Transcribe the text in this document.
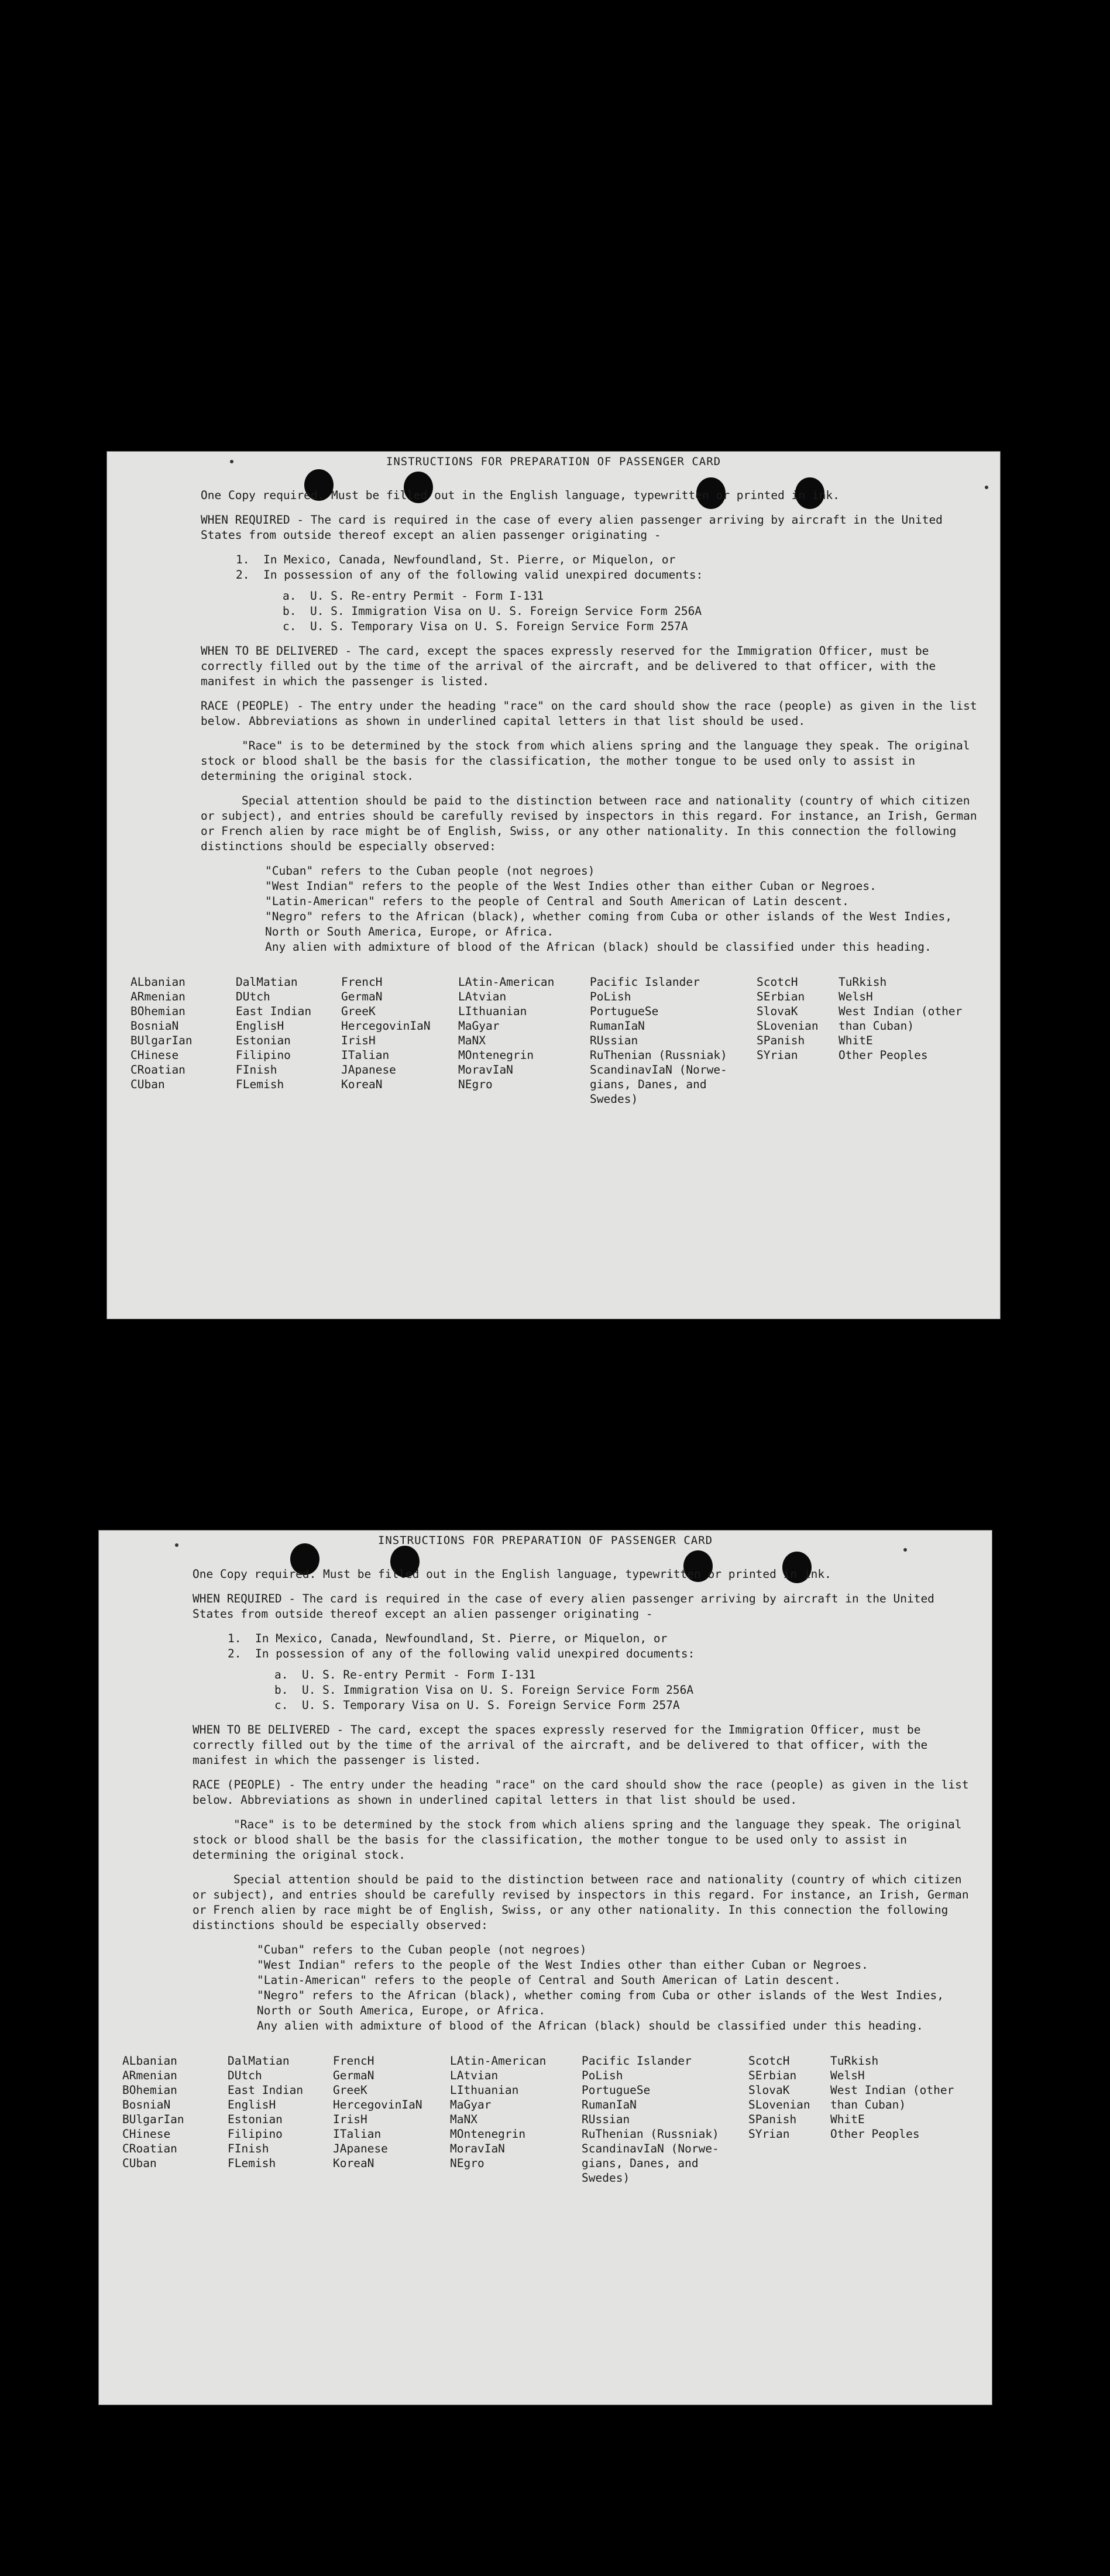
INSTRUCTIONS FOR PREPARATION OF PASSENGER CARD

One Copy required. Must be filled out in the English language, typewritten or printed in ink.

WHEN REQUIRED - The card is required in the case of every alien passenger arriving by aircraft in the United States from outside thereof except an alien passenger originating -

1.  In Mexico, Canada, Newfoundland, St. Pierre, or Miquelon, or
2.  In possession of any of the following valid unexpired documents:
a.  U. S. Re-entry Permit - Form I-131
b.  U. S. Immigration Visa on U. S. Foreign Service Form 256A
c.  U. S. Temporary Visa on U. S. Foreign Service Form 257A

WHEN TO BE DELIVERED - The card, except the spaces expressly reserved for the Immigration Officer, must be correctly filled out by the time of the arrival of the aircraft, and be delivered to that officer, with the manifest in which the passenger is listed.

RACE (PEOPLE) - The entry under the heading "race" on the card should show the race (people) as given in the list below. Abbreviations as shown in underlined capital letters in that list should be used.

"Race" is to be determined by the stock from which aliens spring and the language they speak. The original stock or blood shall be the basis for the classification, the mother tongue to be used only to assist in determining the original stock.

Special attention should be paid to the distinction between race and nationality (country of which citizen or subject), and entries should be carefully revised by inspectors in this regard. For instance, an Irish, German or French alien by race might be of English, Swiss, or any other nationality. In this connection the following distinctions should be especially observed:

"Cuban" refers to the Cuban people (not negroes)
"West Indian" refers to the people of the West Indies other than either Cuban or Negroes.
"Latin-American" refers to the people of Central and South American of Latin descent.
"Negro" refers to the African (black), whether coming from Cuba or other islands of the West Indies, North or South America, Europe, or Africa.
Any alien with admixture of blood of the African (black) should be classified under this heading.
ALbanian
ARmenian
BOhemian
BosniaN
BUlgarIan
CHinese
CRoatian
CUban
DalMatian
DUtch
East Indian
EnglisH
Estonian
Filipino
FInish
FLemish
FrencH
GermaN
GreeK
HercegovinIaN
IrisH
ITalian
JApanese
KoreaN
LAtin-American
LAtvian
LIthuanian
MaGyar
MaNX
MOntenegrin
MoravIaN
NEgro
Pacific Islander
PoLish
PortugueSe
RumanIaN
RUssian
RuThenian (Russniak)
ScandinavIaN (Norwe-
gians, Danes, and
Swedes)
ScotcH
SErbian
SlovaK
SLovenian
SPanish
SYrian
TuRkish
WelsH
West Indian (other
than Cuban)
WhitE
Other Peoples
INSTRUCTIONS FOR PREPARATION OF PASSENGER CARD

One Copy required. Must be filled out in the English language, typewritten or printed in ink.

WHEN REQUIRED - The card is required in the case of every alien passenger arriving by aircraft in the United States from outside thereof except an alien passenger originating -

1.  In Mexico, Canada, Newfoundland, St. Pierre, or Miquelon, or
2.  In possession of any of the following valid unexpired documents:
a.  U. S. Re-entry Permit - Form I-131
b.  U. S. Immigration Visa on U. S. Foreign Service Form 256A
c.  U. S. Temporary Visa on U. S. Foreign Service Form 257A

WHEN TO BE DELIVERED - The card, except the spaces expressly reserved for the Immigration Officer, must be correctly filled out by the time of the arrival of the aircraft, and be delivered to that officer, with the manifest in which the passenger is listed.

RACE (PEOPLE) - The entry under the heading "race" on the card should show the race (people) as given in the list below. Abbreviations as shown in underlined capital letters in that list should be used.

"Race" is to be determined by the stock from which aliens spring and the language they speak. The original stock or blood shall be the basis for the classification, the mother tongue to be used only to assist in determining the original stock.

Special attention should be paid to the distinction between race and nationality (country of which citizen or subject), and entries should be carefully revised by inspectors in this regard. For instance, an Irish, German or French alien by race might be of English, Swiss, or any other nationality. In this connection the following distinctions should be especially observed:

"Cuban" refers to the Cuban people (not negroes)
"West Indian" refers to the people of the West Indies other than either Cuban or Negroes.
"Latin-American" refers to the people of Central and South American of Latin descent.
"Negro" refers to the African (black), whether coming from Cuba or other islands of the West Indies, North or South America, Europe, or Africa.
Any alien with admixture of blood of the African (black) should be classified under this heading.
ALbanian
ARmenian
BOhemian
BosniaN
BUlgarIan
CHinese
CRoatian
CUban
DalMatian
DUtch
East Indian
EnglisH
Estonian
Filipino
FInish
FLemish
FrencH
GermaN
GreeK
HercegovinIaN
IrisH
ITalian
JApanese
KoreaN
LAtin-American
LAtvian
LIthuanian
MaGyar
MaNX
MOntenegrin
MoravIaN
NEgro
Pacific Islander
PoLish
PortugueSe
RumanIaN
RUssian
RuThenian (Russniak)
ScandinavIaN (Norwe-
gians, Danes, and
Swedes)
ScotcH
SErbian
SlovaK
SLovenian
SPanish
SYrian
TuRkish
WelsH
West Indian (other
than Cuban)
WhitE
Other Peoples
